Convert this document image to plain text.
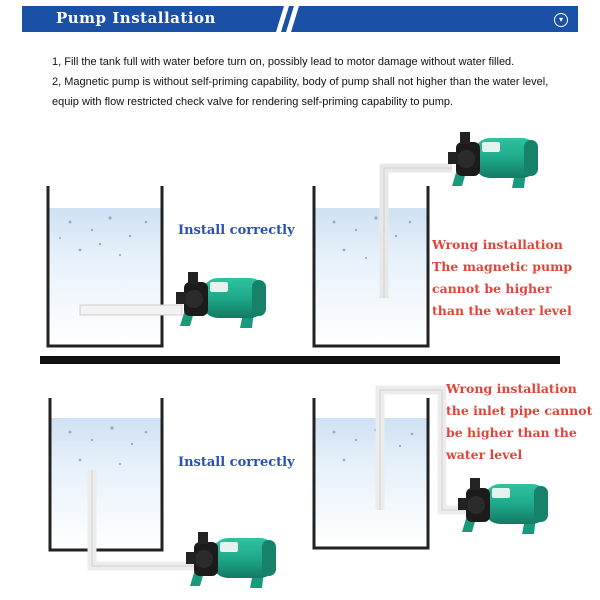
Pump Installation	▾
1, Fill the tank full with water before turn on, possibly lead to motor damage without water filled.
2, Magnetic pump is without self-priming capability, body of pump shall not higher than the water level,
equip with flow restricted check valve for rendering self-priming capability to pump.
Install correctly
Wrong installation
The magnetic pump
cannot be higher
than the water level
Install correctly
Wrong installation
the inlet pipe cannot
be higher than the
water level
